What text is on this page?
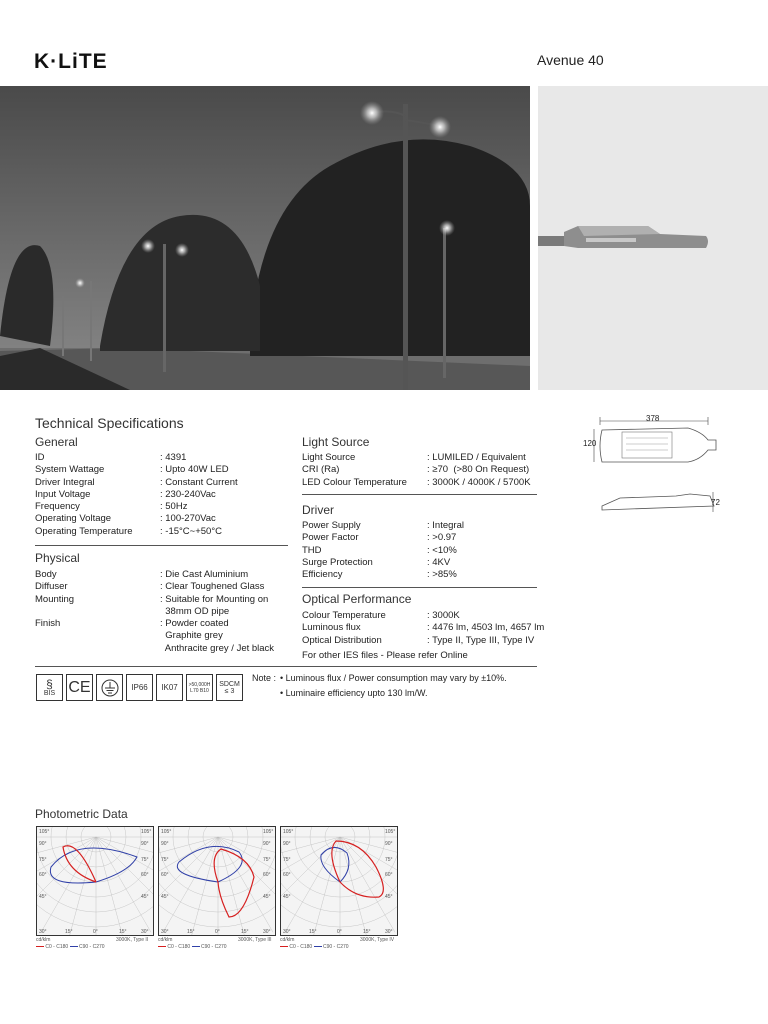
K·LiTE	Avenue 40
Technical Specifications
General
ID	: 4391
System Wattage	: Upto 40W LED
Driver Integral	: Constant Current
Input Voltage	: 230-240Vac
Frequency	: 50Hz
Operating Voltage	: 100-270Vac
Operating Temperature	: -15°C~+50°C
Physical
Body	: Die Cast Aluminium
Diffuser	: Clear Toughened Glass
Mounting	: Suitable for Mounting on
38mm OD pipe
Finish	: Powder coated
Graphite grey
Anthracite grey / Jet black
Light Source
Light Source	: LUMILED / Equivalent
CRI (Ra)	: ≥70  (>80 On Request)
LED Colour Temperature	: 3000K / 4000K / 5700K
Driver
Power Supply	: Integral
Power Factor	: >0.97
THD	: <10%
Surge Protection	: 4KV
Efficiency	: >85%
Optical Performance
Colour Temperature	: 3000K
Luminous flux	: 4476 lm, 4503 lm, 4657 lm
Optical Distribution	: Type II, Type III, Type IV
For other IES files - Please refer Online
378
120
72
§
BIS CE	IP66	IK07	>50,000H
L70 B10
SDCM
≤ 3
Note : • Luminous flux / Power consumption may vary by ±10%.
• Luminaire efficiency upto 130 lm/W.
Photometric Data
105°	105°
90°	90°
75°	75°
60°	60°
45°	45°
30°	15°	0°	15°	30°
cd/klm	3000K, Type II
C0 - C180  C90 - C270
105°	105°
90°	90°
75°	75°
60°	60°
45°	45°
30°	15°	0°	15°	30°
cd/klm	3000K, Type III
C0 - C180  C90 - C270
105°	105°
90°	90°
75°	75°
60°	60°
45°	45°
30°	15°	0°	15°	30°
cd/klm	3000K, Type IV
C0 - C180  C90 - C270
